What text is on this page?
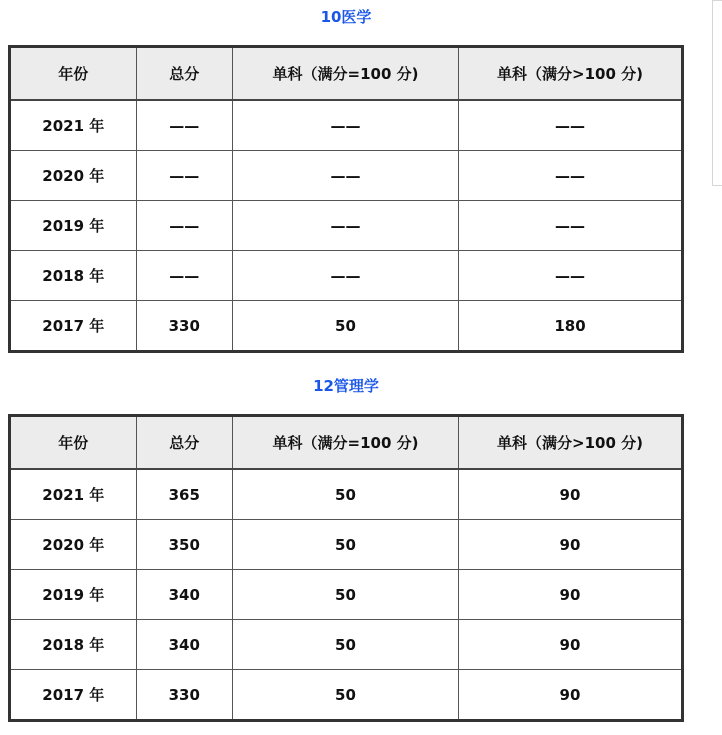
10医学
年份	总分	单科（满分=100 分)	单科（满分>100 分)
2021 年	——	——	——
2020 年	——	——	——
2019 年	——	——	——
2018 年	——	——	——
2017 年	330	50	180
12管理学
年份	总分	单科（满分=100 分)	单科（满分>100 分)
2021 年	365	50	90
2020 年	350	50	90
2019 年	340	50	90
2018 年	340	50	90
2017 年	330	50	90
